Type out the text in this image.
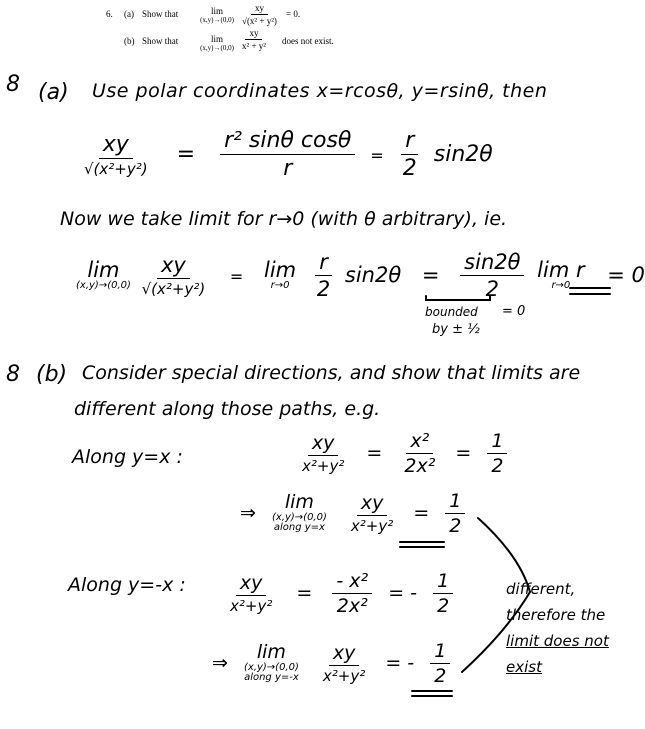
6. (a) Show that	lim
$(x,y)\to(0,0) \frac{xy}{\text{√(x² + y²)}} = 0$.
(b) Show that	lim
$(x,y)\to(0,0) \frac{xy}{\text{x² + y²}}$ does not exist.
8 (a) Use polar coordinates x=rcosθ, y=rsinθ, then
$\frac{xy}{\text{√(x²+y²)}} = \frac{\text{r² sinθ cosθ}}{r} = \frac{r}{2} \sin 2\theta$
Now we take limit for r→0 (with θ arbitrary), ie.
lim
(x,y)→(0,0)
$\frac{xy}{\text{√(x²+y²)}} = \lim$
r→0
$\frac{r}{2} \sin 2\theta = \frac{\sin 2\theta}{2}$
lim r
r→0 = 0
bounded
by ± ½
= 0
8 (b) Consider special directions, and show that limits are
different along those paths, e.g.
Along y=x :	$\frac{xy}{\text{x²+y²}} = \frac{\text{x²}}{\text{2x²}} = \frac{1}{2}$
⇒ lim
(x,y)→(0,0)
along y=x
$\frac{xy}{\text{x²+y²}} = \frac{1}{2}$
Along y=-x : $\frac{xy}{\text{x²+y²}} = \frac{\text{- x²}}{\text{2x²}}$ = - $\frac{1}{2}$
⇒ lim
(x,y)→(0,0)
along y=-x
$\frac{xy}{\text{x²+y²}}$ = - $\frac{1}{2}$
different,
therefore the
limit does not
exist
